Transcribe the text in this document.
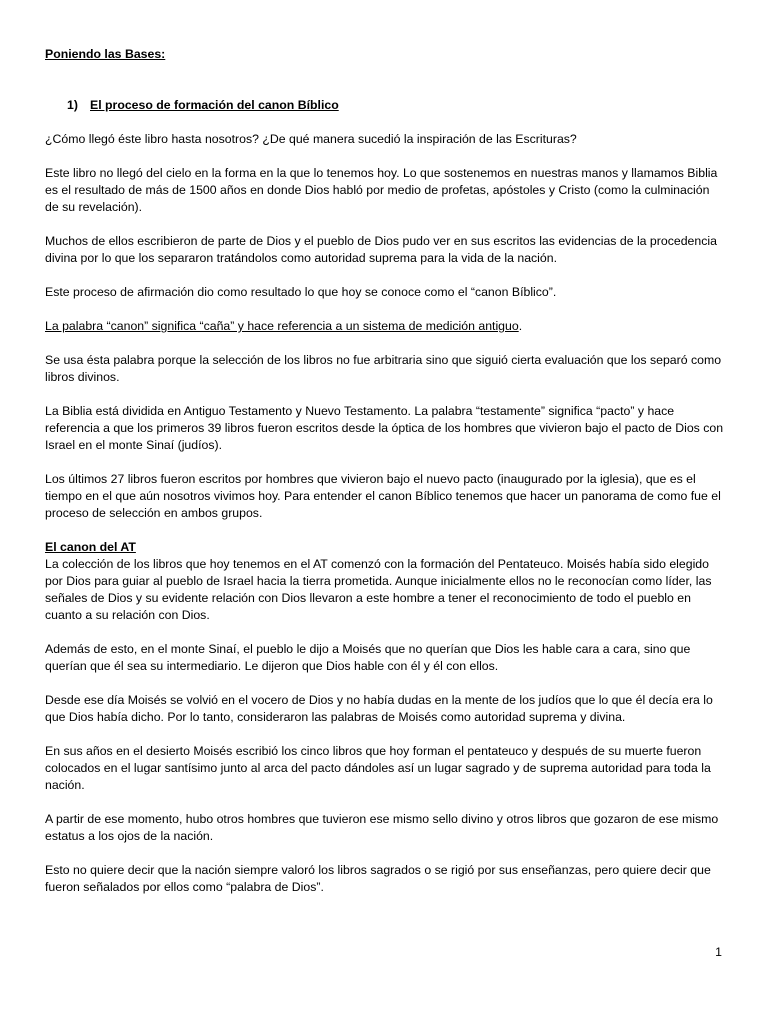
Poniendo las Bases:

1) El proceso de formación del canon Bíblico

¿Cómo llegó éste libro hasta nosotros? ¿De qué manera sucedió la inspiración de las Escrituras?

Este libro no llegó del cielo en la forma en la que lo tenemos hoy. Lo que sostenemos en nuestras manos y llamamos Biblia es el resultado de más de 1500 años en donde Dios habló por medio de profetas, apóstoles y Cristo (como la culminación de su revelación).

Muchos de ellos escribieron de parte de Dios y el pueblo de Dios pudo ver en sus escritos las evidencias de la procedencia divina por lo que los separaron tratándolos como autoridad suprema para la vida de la nación.

Este proceso de afirmación dio como resultado lo que hoy se conoce como el “canon Bíblico”.

La palabra “canon” significa “caña” y hace referencia a un sistema de medición antiguo.

Se usa ésta palabra porque la selección de los libros no fue arbitraria sino que siguió cierta evaluación que los separó como libros divinos.

La Biblia está dividida en Antiguo Testamento y Nuevo Testamento. La palabra “testamente” significa “pacto” y hace referencia a que los primeros 39 libros fueron escritos desde la óptica de los hombres que vivieron bajo el pacto de Dios con Israel en el monte Sinaí (judíos).

Los últimos 27 libros fueron escritos por hombres que vivieron bajo el nuevo pacto (inaugurado por la iglesia), que es el tiempo en el que aún nosotros vivimos hoy. Para entender el canon Bíblico tenemos que hacer un panorama de como fue el proceso de selección en ambos grupos.

El canon del AT

La colección de los libros que hoy tenemos en el AT comenzó con la formación del Pentateuco. Moisés había sido elegido por Dios para guiar al pueblo de Israel hacia la tierra prometida. Aunque inicialmente ellos no le reconocían como líder, las señales de Dios y su evidente relación con Dios llevaron a este hombre a tener el reconocimiento de todo el pueblo en cuanto a su relación con Dios.

Además de esto, en el monte Sinaí, el pueblo le dijo a Moisés que no querían que Dios les hable cara a cara, sino que querían que él sea su intermediario. Le dijeron que Dios hable con él y él con ellos.

Desde ese día Moisés se volvió en el vocero de Dios y no había dudas en la mente de los judíos que lo que él decía era lo que Dios había dicho. Por lo tanto, consideraron las palabras de Moisés como autoridad suprema y divina.

En sus años en el desierto Moisés escribió los cinco libros que hoy forman el pentateuco y después de su muerte fueron colocados en el lugar santísimo junto al arca del pacto dándoles así un lugar sagrado y de suprema autoridad para toda la nación.

A partir de ese momento, hubo otros hombres que tuvieron ese mismo sello divino y otros libros que gozaron de ese mismo estatus a los ojos de la nación.

Esto no quiere decir que la nación siempre valoró los libros sagrados o se rigió por sus enseñanzas, pero quiere decir que fueron señalados por ellos como “palabra de Dios”.

1
